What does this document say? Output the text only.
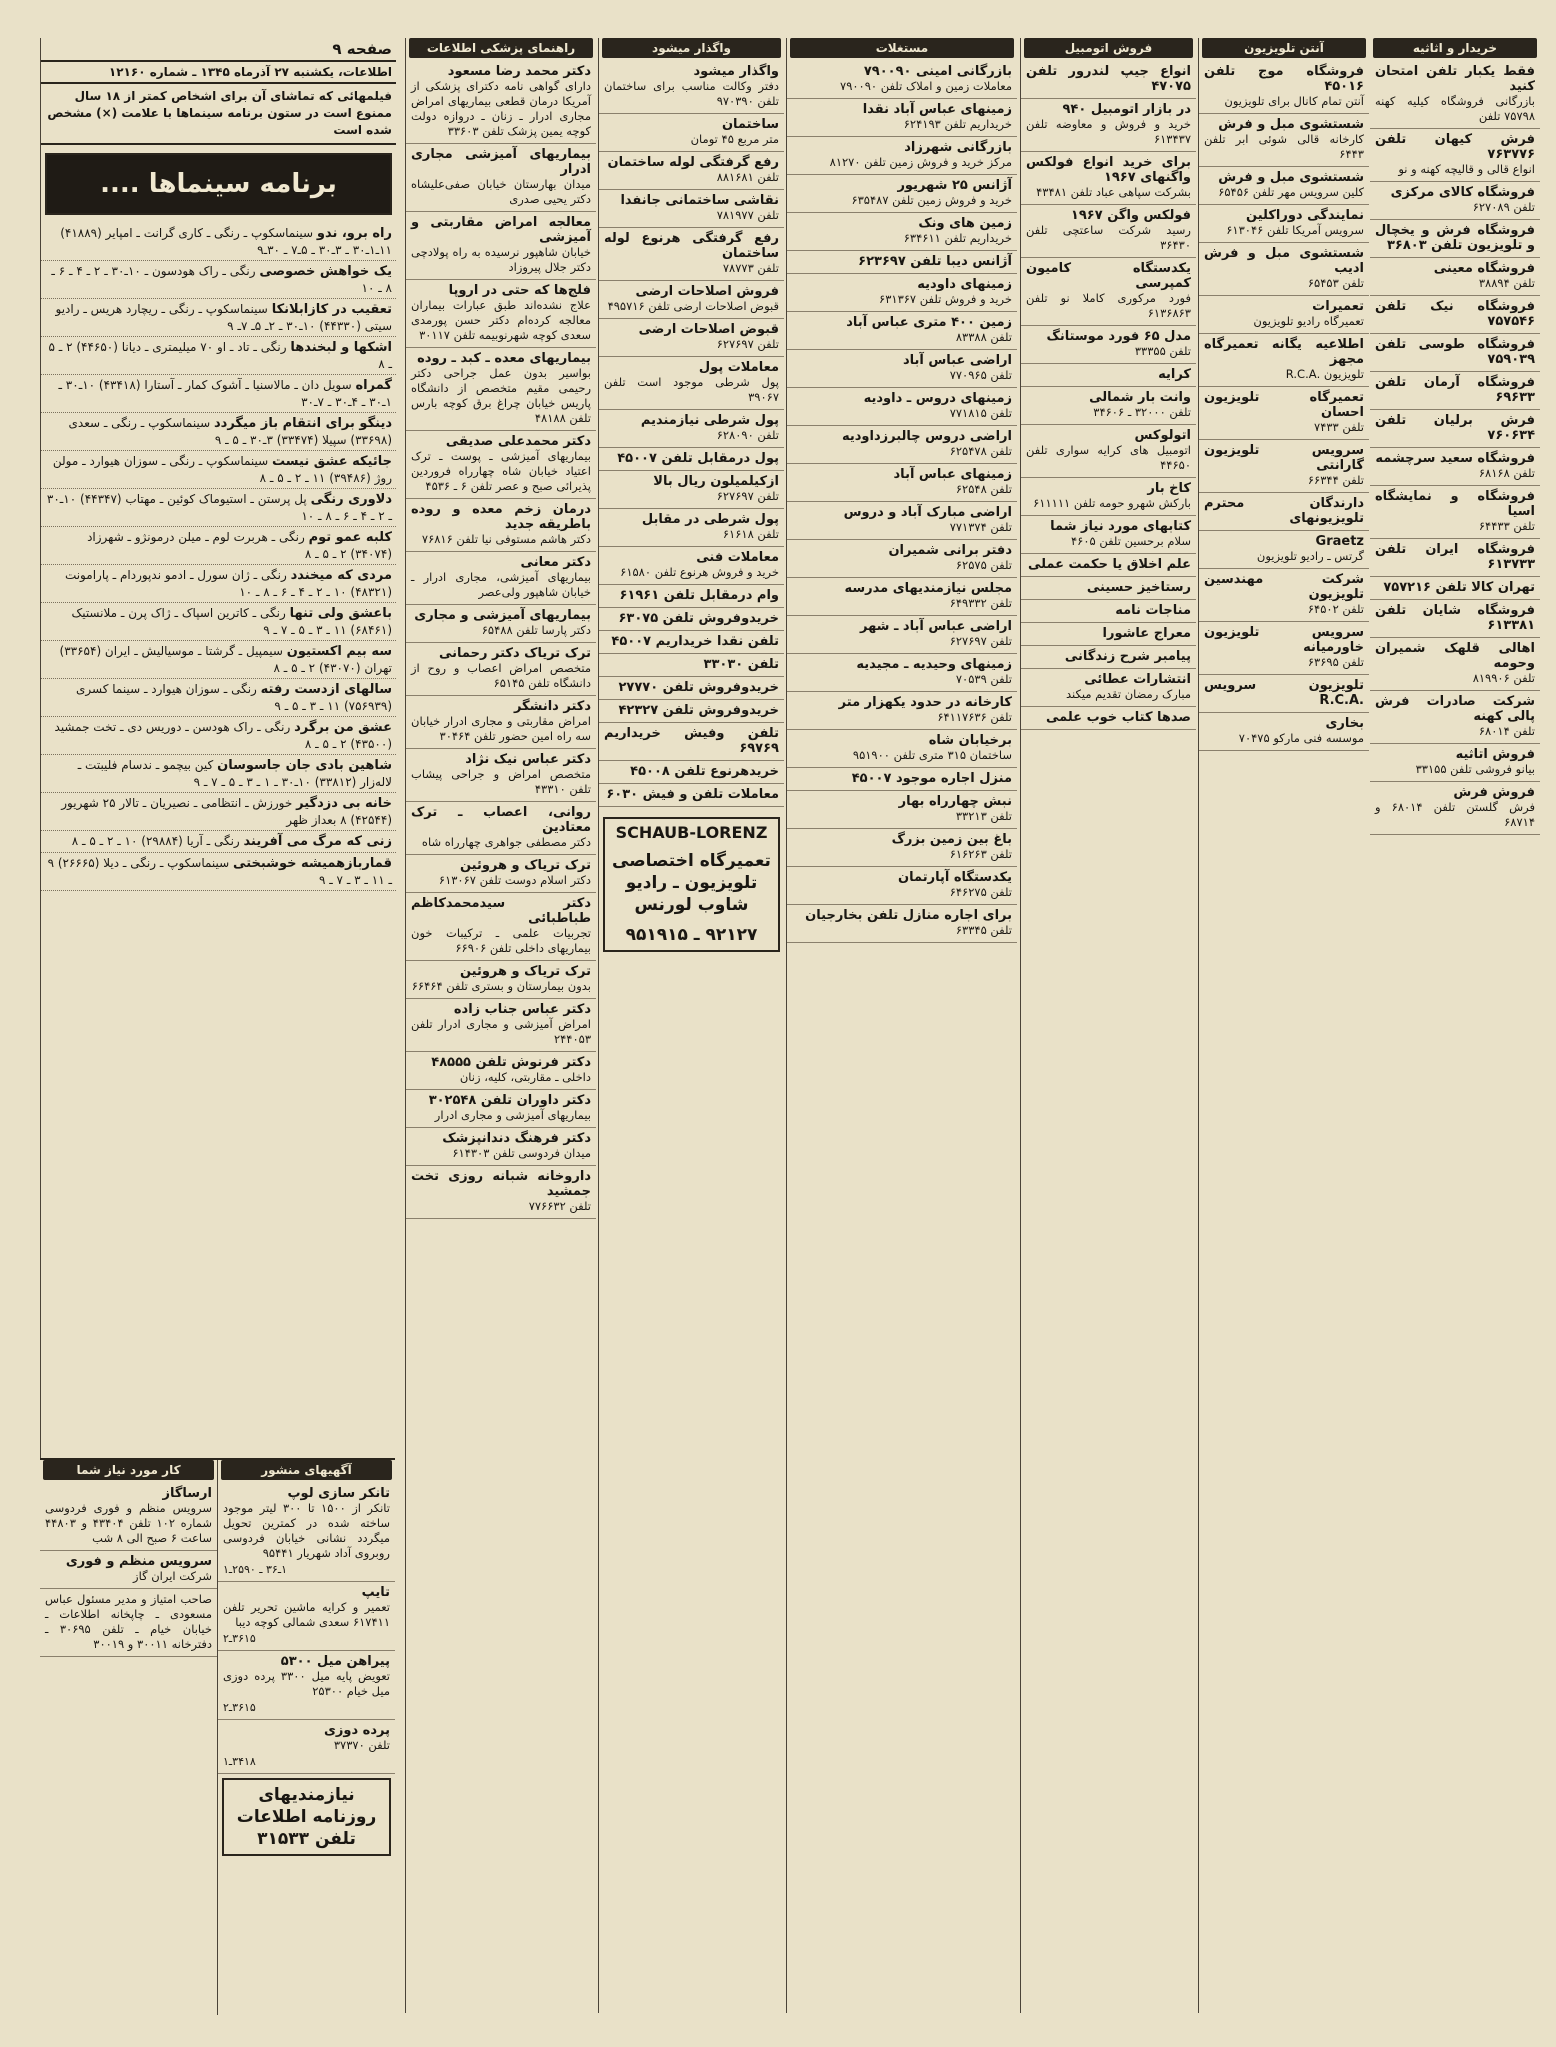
صفحه ۹
اطلاعات، یکشنبه ۲۷ آذرماه ۱۳۴۵ ـ شماره ۱۲۱۶۰
فیلمهائی که تماشای آن برای اشخاص کمتر از ۱۸ سال ممنوع است در ستون برنامه سینماها با علامت (×) مشخص شده است
برنامه سینماها ....
راه برو، ندو سینماسکوپ ـ رنگی ـ کاری گرانت ـ امپایر (۴۱۸۸۹) ۱۱ـ۱ـ۳۰ ـ ۳ـ۳۰ ـ ۵ـ۷ ـ ۳۰ـ۹
یک خواهش خصوصی رنگی ـ راک هودسون ـ ۱۰ـ۳۰ ـ ۲ ـ ۴ ـ ۶ ـ ۸ ـ ۱۰
تعقیب در کازابلانکا سینماسکوپ ـ رنگی ـ ریچارد هریس ـ رادیو سیتی (۴۴۳۳۰) ۱۰ـ۳۰ ـ ۲ـ ۵ـ ۷ـ ۹
اشکها و لبخندها رنگی ـ تاد ـ او ۷۰ میلیمتری ـ دیانا (۴۴۶۵۰) ۲ ـ ۵ ـ ۸
گمراه سویل دان ـ مالاسنیا ـ آشوک کمار ـ آستارا (۴۳۴۱۸) ۱۰ـ۳۰ ـ ۱ـ۳۰ ـ ۴ـ۳۰ ـ ۷ـ۳۰
دینگو برای انتقام باز میگردد سینماسکوپ ـ رنگی ـ سعدی (۳۳۶۹۸) سپیلا (۳۳۴۷۴) ۳ـ۳۰ ـ ۵ ـ ۹
جائیکه عشق نیست سینماسکوپ ـ رنگی ـ سوزان هیوارد ـ مولن روژ (۳۹۴۸۶) ۱۱ ـ ۲ ـ ۵ ـ ۸
دلاوری رنگی پل پرستن ـ استیوماک کوئین ـ مهتاب (۴۴۳۴۷) ۱۰ـ۳۰ ـ ۲ ـ ۴ ـ ۶ ـ ۸ ـ ۱۰
کلبه عمو توم رنگی ـ هربرت لوم ـ میلن درمونژو ـ شهرزاد (۳۴۰۷۴) ۲ ـ ۵ ـ ۸
مردی که میخندد رنگی ـ ژان سورل ـ ادمو ندپوردام ـ پارامونت (۴۸۳۲۱) ۱۰ ـ ۲ ـ ۴ ـ ۶ ـ ۸ ـ ۱۰
باعشق ولی تنها رنگی ـ کاترین اسپاک ـ ژاک پرن ـ ملانستیک (۶۸۴۶۱) ۱۱ ـ ۳ ـ ۵ ـ ۷ ـ ۹
سه بیم اکستیون سیمپیل ـ گرشتا ـ موسیالیش ـ ایران (۳۳۶۵۴) تهران (۴۳۰۷۰) ۲ ـ ۵ ـ ۸
سالهای ازدست رفته رنگی ـ سوزان هیوارد ـ سینما کسری (۷۵۶۹۳۹) ۱۱ ـ ۳ ـ ۵ ـ ۹
عشق من برگرد رنگی ـ راک هودسن ـ دوریس دی ـ تخت جمشید (۴۳۵۰۰) ۲ ـ ۵ ـ ۸
شاهین بادی جان جاسوسان کین بیچمو ـ ندسام فلیبتت ـ لاله‌زار (۳۳۸۱۲) ۱۰ـ۳۰ ـ ۱ ـ ۳ ـ ۵ ـ ۷ ـ ۹
خانه بی دزدگیر خورزش ـ انتظامی ـ نصیریان ـ تالار ۲۵ شهریور (۴۲۵۴۴) ۸ بعداز ظهر
زنی که مرگ می آفریند رنگی ـ آریا (۲۹۸۸۴) ۱۰ ـ ۲ ـ ۵ ـ ۸
قماربازهمیشه خوشبختی سینماسکوپ ـ رنگی ـ دیلا (۲۶۶۶۵) ۹ ـ ۱۱ ـ ۳ ـ ۷ ـ ۹
آگهیهای منشور
تانکر سازی لوپ
تانکر از ۱۵۰۰ تا ۳۰۰ لیتر موجود ساخته شده در کمترین تحویل میگردد نشانی خیابان فردوسی روبروی آداد شهریار ۹۵۴۴۱
۱ـ۳۶ ـ ۲۵۹۰ـ۱
تایپ
تعمیر و کرایه ماشین تحریر تلفن ۶۱۷۴۱۱ سعدی شمالی کوچه دیبا
۳۶۱۵ـ۲
پیراهن میل ۵۳۰۰
تعویض پایه میل ۳۳۰۰ پرده دوزی میل خیام ۲۵۳۰۰
۳۶۱۵ـ۲
پرده دوزی
تلفن ۳۷۳۷۰
۳۴۱۸ـ۱
نیازمندیهای روزنامه اطلاعات
تلفن ۳۱۵۳۳
کار مورد نیاز شما
ارساگاز
سرویس منظم و فوری فردوسی شماره ۱۰۲ تلفن ۴۳۴۰۴ و ۴۴۸۰۳ ساعت ۶ صبح الی ۸ شب
سرویس منظم و فوری
شرکت ایران گاز
صاحب امتیاز و مدیر مسئول عباس مسعودی ـ چاپخانه اطلاعات ـ خیابان خیام ـ تلفن ۳۰۶۹۵ ـ دفترخانه ۳۰۰۱۱ و ۳۰۰۱۹
راهنمای پزشکی اطلاعات
دکتر محمد رضا مسعود
دارای گواهی نامه دکترای پزشکی از آمریکا درمان قطعی بیماریهای امراض مجاری ادرار ـ زنان ـ دروازه دولت کوچه یمین پزشک تلفن ۳۳۶۰۳
بیماریهای آمیزشی مجاری ادرار
میدان بهارستان خیابان صفی‌علیشاه دکتر یحیی صدری
معالجه امراض مقاربتی و آمیزشی
خیابان شاهپور نرسیده به راه پولادچی دکتر جلال پیروزاد
فلج‌ها که حتی در اروپا
علاج نشده‌اند طبق عبارات بیماران معالجه کرده‌ام دکتر حسن پورمدی سعدی کوچه شهرنوبیمه تلفن ۳۰۱۱۷
بیماریهای معده ـ کبد ـ روده
بواسیر بدون عمل جراحی دکتر رحیمی مقیم متخصص از دانشگاه پاریس خیابان چراغ برق کوچه بارس تلفن ۴۸۱۸۸
دکتر محمدعلی صدیقی
بیماریهای آمیزشی ـ پوست ـ ترک اعتیاد خیابان شاه چهارراه فروردین پذیرائی صبح و عصر تلفن ۶ ـ ۴۵۳۶
درمان زخم معده و روده باطریقه جدید
دکتر هاشم مستوفی نیا تلفن ۷۶۸۱۶
دکتر معانی
بیماریهای آمیزشی، مجاری ادرار ـ خیابان شاهپور ولی‌عصر
بیماریهای آمیزشی و مجاری
دکتر پارسا تلفن ۶۵۴۸۸
ترک تریاک دکتر رحمانی
متخصص امراض اعصاب و روح از دانشگاه تلفن ۶۵۱۴۵
دکتر دانشگر
امراض مقاربتی و مجاری ادرار خیابان سه راه امین حضور تلفن ۳۰۴۶۴
دکتر عباس نیک نژاد
متخصص امراض و جراحی پیشاب تلفن ۴۳۳۱۰
روانی، اعصاب ـ ترک معتادین
دکتر مصطفی جواهری چهارراه شاه
ترک تریاک و هروئین
دکتر اسلام دوست تلفن ۶۱۳۰۶۷
دکتر سیدمحمدکاظم طباطبائی
تجربیات علمی ـ ترکیبات خون بیماریهای داخلی تلفن ۶۶۹۰۶
ترک تریاک و هروئین
بدون بیمارستان و بستری تلفن ۶۶۴۶۴
دکتر عباس جناب زاده
امراض آمیزشی و مجاری ادرار تلفن ۲۴۴۰۵۳
دکتر فرنوش تلفن ۴۸۵۵۵
داخلی ـ مقاربتی، کلیه، زنان
دکتر داوران تلفن ۳۰۲۵۴۸
بیماریهای آمیزشی و مجاری ادرار
دکتر فرهنگ دندانپزشک
میدان فردوسی تلفن ۶۱۴۳۰۳
داروخانه شبانه روزی تخت جمشید
تلفن ۷۷۶۶۳۲
واگذار میشود
واگذار میشود
دفتر وکالت مناسب برای ساختمان تلفن ۹۷۰۳۹۰
ساختمان
متر مربع ۴۵ تومان
رفع گرفتگی لوله ساختمان
تلفن ۸۸۱۶۸۱
نقاشی ساختمانی جانفدا
تلفن ۷۸۱۹۷۷
رفع گرفتگی هرنوع لوله ساختمان
تلفن ۷۸۷۷۳
فروش اصلاحات ارضی
قبوض اصلاحات ارضی تلفن ۴۹۵۷۱۶
قبوض اصلاحات ارضی
تلفن ۶۲۷۶۹۷
معاملات پول
پول شرطی موجود است تلفن ۳۹۰۶۷
پول شرطی نیازمندیم
تلفن ۶۲۸۰۹۰
پول درمقابل تلفن ۴۵۰۰۷
ازکیلمیلون ریال بالا
تلفن ۶۲۷۶۹۷
پول شرطی در مقابل
تلفن ۶۱۶۱۸
معاملات فنی
خرید و فروش هرنوع تلفن ۶۱۵۸۰
وام درمقابل تلفن ۶۱۹۶۱
خریدوفروش تلفن ۶۳۰۷۵
تلفن نقدا خریداریم ۴۵۰۰۷
تلفن ۳۳۰۳۰
خریدوفروش تلفن ۲۷۷۷۰
خریدوفروش تلفن ۴۲۳۲۷
تلفن وفیش خریداریم ۶۹۷۶۹
خریدهرنوع تلفن ۴۵۰۰۸
معاملات تلفن و فیش ۶۰۳۰
SCHAUB-LORENZ
تعمیرگاه اختصاصی تلویزیون ـ رادیو شاوب لورنس
۹۲۱۲۷ ـ ۹۵۱۹۱۵
مستغلات
بازرگانی امینی ۷۹۰۰۹۰
معاملات زمین و املاک تلفن ۷۹۰۰۹۰
زمینهای عباس آباد نقدا
خریداریم تلفن ۶۲۴۱۹۳
بازرگانی شهرزاد
مرکز خرید و فروش زمین تلفن ۸۱۲۷۰
آژانس ۲۵ شهریور
خرید و فروش زمین تلفن ۶۳۵۴۸۷
زمین های ونک
خریداریم تلفن ۶۳۴۶۱۱
آژانس دیبا تلفن ۶۲۳۶۹۷
زمینهای داودیه
خرید و فروش تلفن ۶۳۱۳۶۷
زمین ۴۰۰ متری عباس آباد
تلفن ۸۳۳۸۸
اراضی عباس آباد
تلفن ۷۷۰۹۶۵
زمینهای دروس ـ داودیه
تلفن ۷۷۱۸۱۵
اراضی دروس چالبرزداودیه
تلفن ۶۲۵۴۷۸
زمینهای عباس آباد
تلفن ۶۲۵۴۸
اراضی مبارک آباد و دروس
تلفن ۷۷۱۳۷۴
دفتر برانی شمیران
تلفن ۶۲۵۷۵
مجلس نیازمندیهای مدرسه
تلفن ۶۴۹۳۳۲
اراضی عباس آباد ـ شهر
تلفن ۶۲۷۶۹۷
زمینهای وحیدیه ـ مجیدیه
تلفن ۷۰۵۳۹
کارخانه در حدود یکهزار متر
تلفن ۶۴۱۱۷۶۳۶
برخیابان شاه
ساختمان ۳۱۵ متری تلفن ۹۵۱۹۰۰
منزل اجاره موجود ۴۵۰۰۷
نبش چهارراه بهار
تلفن ۳۳۲۱۳
باغ بین زمین بزرگ
تلفن ۶۱۶۲۶۳
یکدستگاه آپارتمان
تلفن ۶۴۶۲۷۵
برای اجاره منازل تلفن بخارجیان
تلفن ۶۳۳۴۵
فروش اتومبیل
انواع جیپ لندرور تلفن ۴۷۰۷۵
در بازار اتومبیل ۹۴۰
خرید و فروش و معاوضه تلفن ۶۱۳۴۳۷
برای خرید انواع فولکس واگنهای ۱۹۶۷
بشرکت سپاهی عباد تلفن ۴۳۴۸۱
فولکس واگن ۱۹۶۷
رسید شرکت ساعتچی تلفن ۳۶۴۳۰
یکدستگاه کامیون کمپرسی
فورد مرکوری کاملا نو تلفن ۶۱۳۶۸۶۳
مدل ۶۵ فورد موستانگ
تلفن ۳۳۳۵۵
کرایه
وانت بار شمالی
تلفن ۳۲۰۰۰ ـ ۳۴۶۰۶
اتولوکس
اتومبیل های کرایه سواری تلفن ۴۴۶۵۰
کاخ بار
بارکش شهرو حومه تلفن ۶۱۱۱۱۱
کتابهای مورد نیاز شما
سلام برحسین تلفن ۴۶۰۵
علم اخلاق یا حکمت عملی
رستاخیز حسینی
مناجات نامه
معراج عاشورا
پیامبر شرح زندگانی
انتشارات عطائی
مبارک رمضان تقدیم میکند
صدها کتاب خوب علمی
آنتن تلویزیون
فروشگاه موج تلفن ۴۵۰۱۶
آنتن تمام کانال برای تلویزیون
شستشوی مبل و فرش
کارخانه قالی شوئی ابر تلفن ۶۴۴۳
شستشوی مبل و فرش
کلین سرویس مهر تلفن ۶۵۴۵۶
نمایندگی دوراکلین
سرویس آمریکا تلفن ۶۱۳۰۴۶
شستشوی مبل و فرش ادیب
تلفن ۶۵۴۵۳
تعمیرات
تعمیرگاه رادیو تلویزیون
اطلاعیه یگانه تعمیرگاه مجهز
تلویزیون .R.C.A
تعمیرگاه تلویزیون احسان
تلفن ۷۴۳۳
سرویس تلویزیون گارانتی
تلفن ۶۶۳۴۴
دارندگان محترم تلویزیونهای
Graetz
گرتس ـ رادیو تلویزیون
شرکت مهندسین تلویزیون
تلفن ۶۴۵۰۲
سرویس تلویزیون خاورمیانه
تلفن ۶۳۶۹۵
تلویزیون سرویس .R.C.A
بخاری
موسسه فنی مارکو ۷۰۴۷۵
خریدار و اثاثیه
فقط یکبار تلفن امتحان کنید
بازرگانی فروشگاه کیلیه کهنه ۷۵۷۹۸ تلفن
فرش کیهان تلفن ۷۶۳۷۷۶
انواع قالی و قالیچه کهنه و نو
فروشگاه کالای مرکزی
تلفن ۶۲۷۰۸۹
فروشگاه فرش و یخچال و تلویزیون تلفن ۳۶۸۰۳
فروشگاه معینی
تلفن ۳۸۸۹۴
فروشگاه نیک تلفن ۷۵۷۵۴۶
فروشگاه طوسی تلفن ۷۵۹۰۳۹
فروشگاه آرمان تلفن ۶۹۶۳۳
فرش برلیان تلفن ۷۶۰۶۳۴
فروشگاه سعید سرچشمه
تلفن ۶۸۱۶۸
فروشگاه و نمایشگاه اسیا
تلفن ۶۴۴۳۳
فروشگاه ایران تلفن ۶۱۳۷۳۳
تهران کالا تلفن ۷۵۷۲۱۶
فروشگاه شایان تلفن ۶۱۳۳۸۱
اهالی قلهک شمیران وحومه
تلفن ۸۱۹۹۰۶
شرکت صادرات فرش پالی کهنه
تلفن ۶۸۰۱۴
فروش اتاثیه
بیانو فروشی تلفن ۳۳۱۵۵
فروش فرش
فرش گلستن تلفن ۶۸۰۱۴ و ۶۸۷۱۴
